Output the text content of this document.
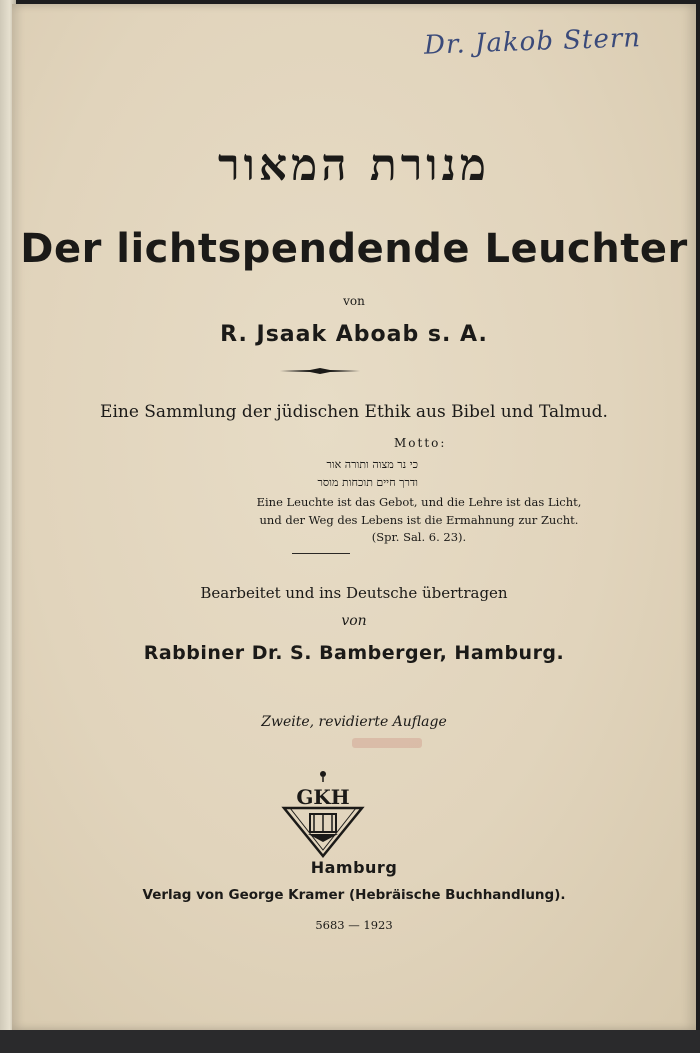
Dr. Jakob Stern
מנורת המאור
Der lichtspendende Leuchter
von
R. Jsaak Aboab s. A.
Eine Sammlung der jüdischen Ethik aus Bibel und Talmud.
Motto:
כי נר מצוה ותורה אור
ודרך חיים תוכחות מוסר
Eine Leuchte ist das Gebot, und die Lehre ist das Licht,
und der Weg des Lebens ist die Ermahnung zur Zucht.
(Spr. Sal. 6. 23).
Bearbeitet und ins Deutsche übertragen
von
Rabbiner Dr. S. Bamberger, Hamburg.
Zweite, revidierte Auflage
GKH
Hamburg
Verlag von George Kramer (Hebräische Buchhandlung).
5683 — 1923
